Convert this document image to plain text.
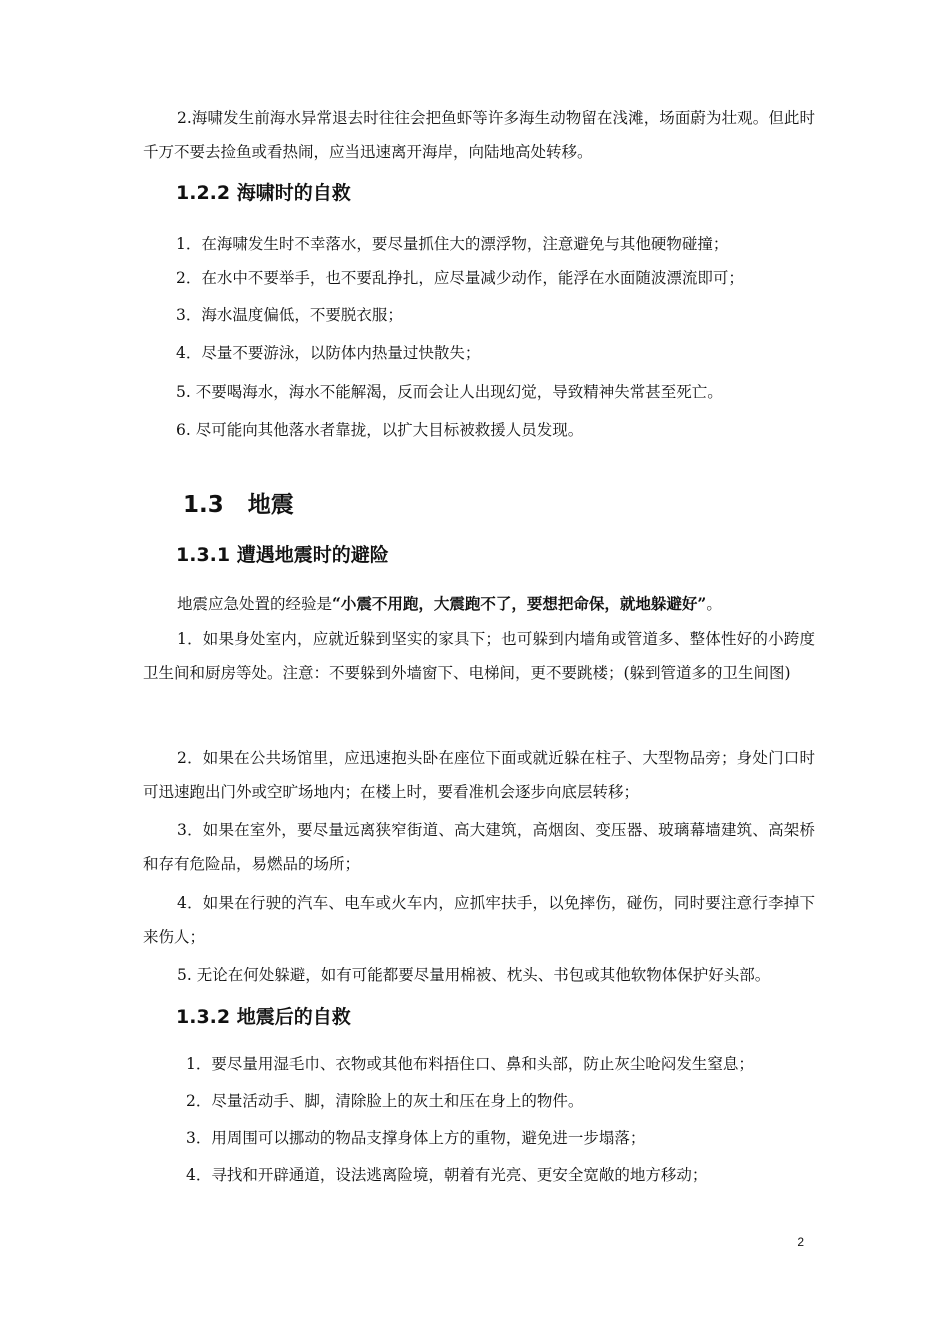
2.海啸发生前海水异常退去时往往会把鱼虾等许多海生动物留在浅滩，场面蔚为壮观。但此时千万不要去捡鱼或看热闹，应当迅速离开海岸，向陆地高处转移。

1.2.2 海啸时的自救

1．在海啸发生时不幸落水，要尽量抓住大的漂浮物，注意避免与其他硬物碰撞；

2．在水中不要举手，也不要乱挣扎，应尽量减少动作，能浮在水面随波漂流即可；

3．海水温度偏低，不要脱衣服；

4．尽量不要游泳，以防体内热量过快散失；

5. 不要喝海水，海水不能解渴，反而会让人出现幻觉，导致精神失常甚至死亡。

6. 尽可能向其他落水者靠拢，以扩大目标被救援人员发现。

1.3 地震
1.3.1 遭遇地震时的避险

地震应急处置的经验是“小震不用跑，大震跑不了，要想把命保，就地躲避好”。

1．如果身处室内，应就近躲到坚实的家具下；也可躲到内墙角或管道多、整体性好的小跨度卫生间和厨房等处。注意：不要躲到外墙窗下、电梯间，更不要跳楼；(躲到管道多的卫生间图)

2．如果在公共场馆里，应迅速抱头卧在座位下面或就近躲在柱子、大型物品旁；身处门口时可迅速跑出门外或空旷场地内；在楼上时，要看准机会逐步向底层转移；

3．如果在室外，要尽量远离狭窄街道、高大建筑，高烟囱、变压器、玻璃幕墙建筑、高架桥和存有危险品，易燃品的场所；

4．如果在行驶的汽车、电车或火车内，应抓牢扶手，以免摔伤，碰伤，同时要注意行李掉下来伤人；

5. 无论在何处躲避，如有可能都要尽量用棉被、枕头、书包或其他软物体保护好头部。

1.3.2 地震后的自救

1．要尽量用湿毛巾、衣物或其他布料捂住口、鼻和头部，防止灰尘呛闷发生窒息；

2．尽量活动手、脚，清除脸上的灰土和压在身上的物件。

3．用周围可以挪动的物品支撑身体上方的重物，避免进一步塌落；

4．寻找和开辟通道，设法逃离险境，朝着有光亮、更安全宽敞的地方移动；

2
